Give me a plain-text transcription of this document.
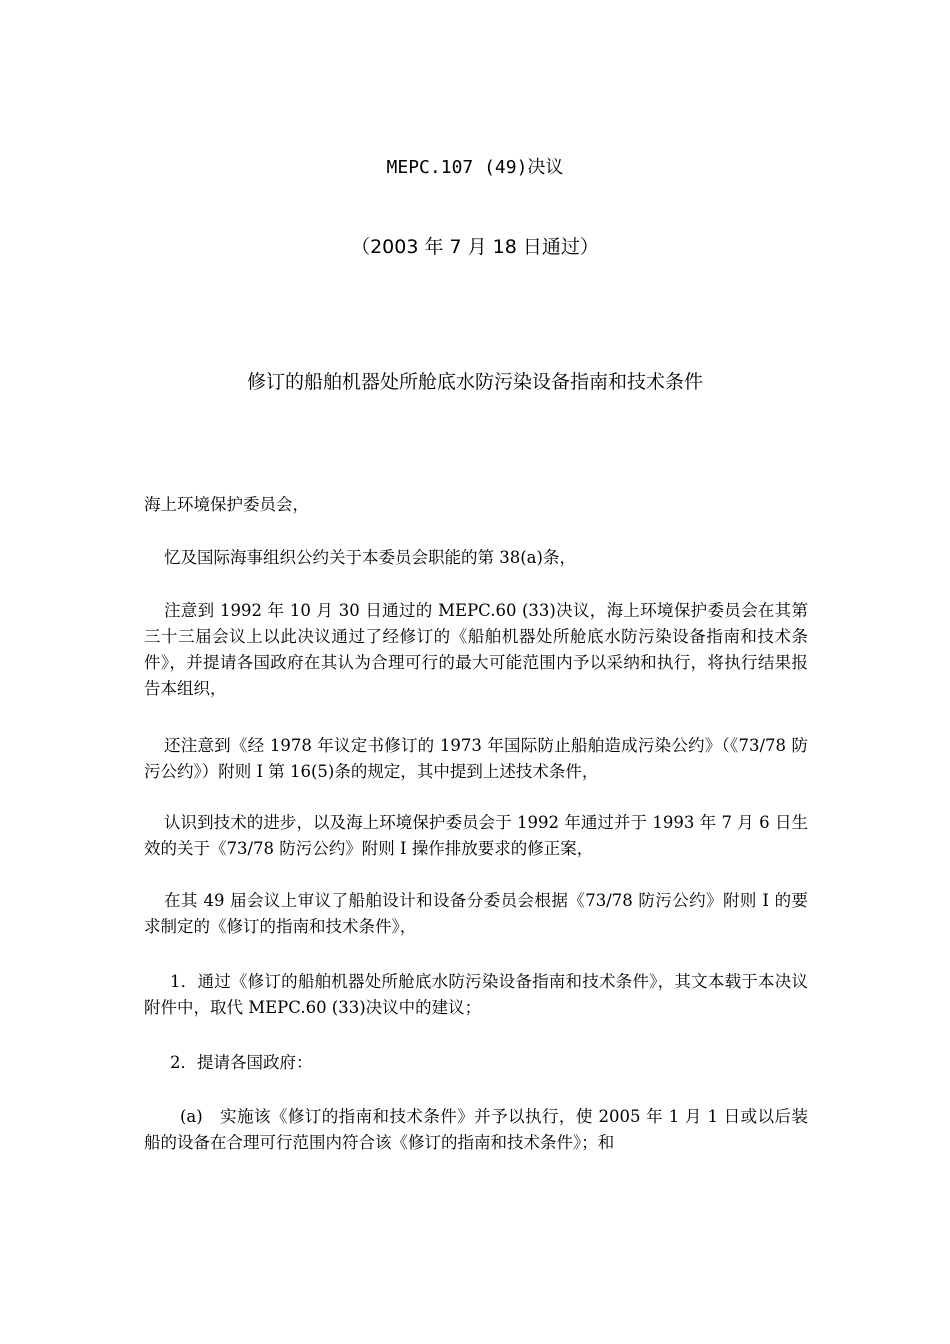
MEPC.107 (49)决议
（2003 年 7 月 18 日通过）
修订的船舶机器处所舱底水防污染设备指南和技术条件
海上环境保护委员会，
忆及国际海事组织公约关于本委员会职能的第 38(a)条，
注意到 1992 年 10 月 30 日通过的 MEPC.60 (33)决议，海上环境保护委员会在其第三十三届会议上以此决议通过了经修订的《船舶机器处所舱底水防污染设备指南和技术条件》，并提请各国政府在其认为合理可行的最大可能范围内予以采纳和执行，将执行结果报告本组织，
还注意到《经 1978 年议定书修订的 1973 年国际防止船舶造成污染公约》（《73/78 防污公约》）附则 I 第 16(5)条的规定，其中提到上述技术条件，
认识到技术的进步，以及海上环境保护委员会于 1992 年通过并于 1993 年 7 月 6 日生效的关于《73/78 防污公约》附则 I 操作排放要求的修正案，
在其 49 届会议上审议了船舶设计和设备分委员会根据《73/78 防污公约》附则 I 的要求制定的《修订的指南和技术条件》，
1．通过《修订的船舶机器处所舱底水防污染设备指南和技术条件》，其文本载于本决议附件中，取代 MEPC.60 (33)决议中的建议；
2．提请各国政府：
(a)　实施该《修订的指南和技术条件》并予以执行，使 2005 年 1 月 1 日或以后装船的设备在合理可行范围内符合该《修订的指南和技术条件》；和
